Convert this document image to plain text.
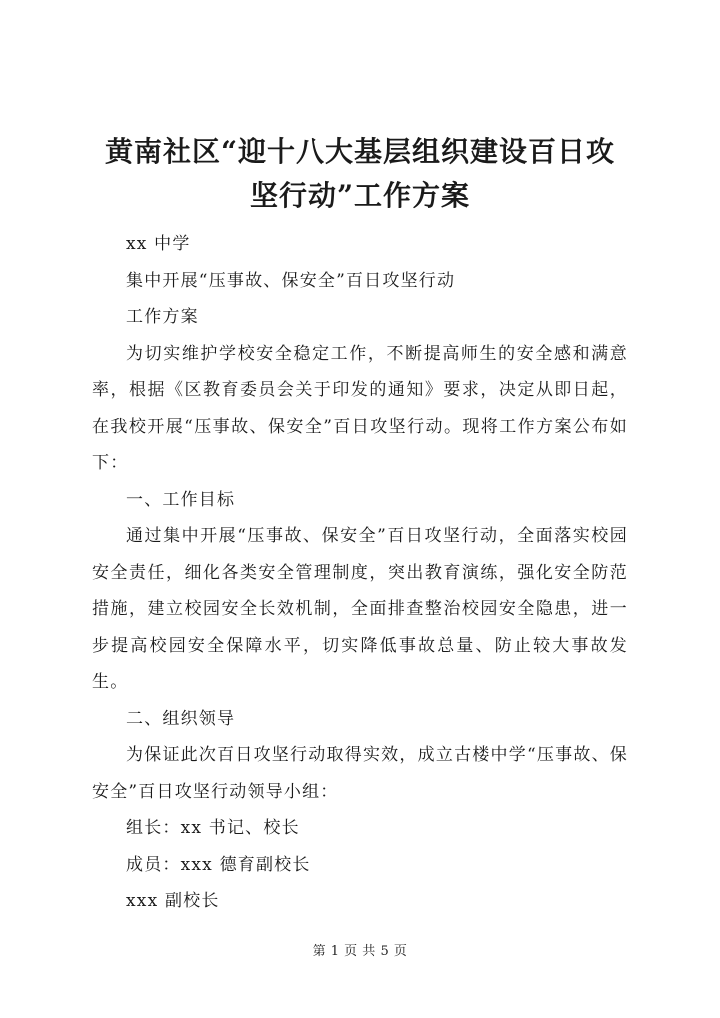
黄南社区“迎十八大基层组织建设百日攻坚行动”工作方案

xx 中学

集中开展“压事故、保安全”百日攻坚行动

工作方案

为切实维护学校安全稳定工作，不断提高师生的安全感和满意率，根据《区教育委员会关于印发的通知》要求，决定从即日起，在我校开展“压事故、保安全”百日攻坚行动。现将工作方案公布如下：

一、工作目标

通过集中开展“压事故、保安全”百日攻坚行动，全面落实校园安全责任，细化各类安全管理制度，突出教育演练，强化安全防范措施，建立校园安全长效机制，全面排查整治校园安全隐患，进一步提高校园安全保障水平，切实降低事故总量、防止较大事故发生。

二、组织领导

为保证此次百日攻坚行动取得实效，成立古楼中学“压事故、保安全”百日攻坚行动领导小组：

组长：xx 书记、校长

成员：xxx 德育副校长

xxx 副校长

第 1 页 共 5 页
